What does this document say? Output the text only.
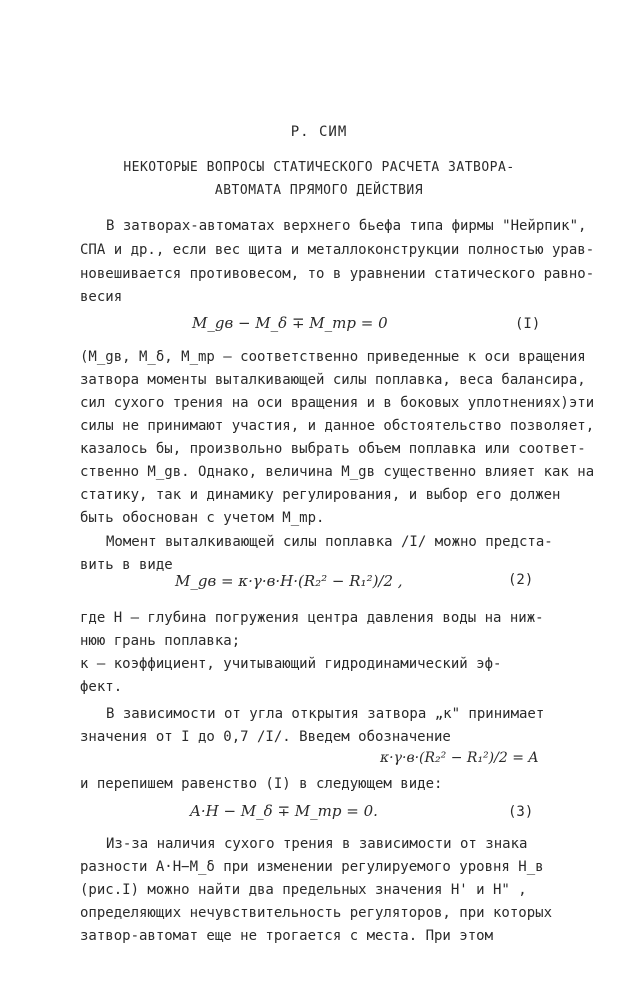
Р. СИМ
НЕКОТОРЫЕ ВОПРОСЫ СТАТИЧЕСКОГО РАСЧЕТА ЗАТВОРА-
АВТОМАТА ПРЯМОГО ДЕЙСТВИЯ
В затворах-автоматах верхнего бьефа типа фирмы "Нейрпик",
СПА и др., если вес щита и металлоконструкции полностью урав-
новешивается противовесом, то в уравнении статического равно-
весия
M_gв − M_δ ∓ M_mp = 0	(I)
(M_gв, M_δ, M_mp – соответственно приведенные к оси вращения
затвора моменты выталкивающей силы поплавка, веса балансира,
сил сухого трения на оси вращения и в боковых уплотнениях)эти
силы не принимают участия, и данное обстоятельство позволяет,
казалось бы, произвольно выбрать объем поплавка или соответ-
ственно M_gв. Однако, величина M_gв существенно влияет как на
статику, так и динамику регулирования, и выбор его должен
быть обоснован с учетом M_mp.
Момент выталкивающей силы поплавка /I/ можно предста-
вить в виде
M_gв = κ·γ·в·H·(R₂² − R₁²)/2 ,	(2)
где H – глубина погружения центра давления воды на ниж-
нюю грань поплавка;
κ – коэффициент, учитывающий гидродинамический эф-
фект.
В зависимости от угла открытия затвора „κ" принимает
значения от I до 0,7 /I/. Введем обозначение
κ·γ·в·(R₂² − R₁²)/2 = A
и перепишем равенство (I) в следующем виде:
A·H − M_δ ∓ M_mp = 0.	(3)
Из-за наличия сухого трения в зависимости от знака
разности A·H−M_δ при изменении регулируемого уровня H_в
(рис.I) можно найти два предельных значения H' и H" ,
определяющих нечувствительность регуляторов, при которых
затвор-автомат еще не трогается с места. При этом
